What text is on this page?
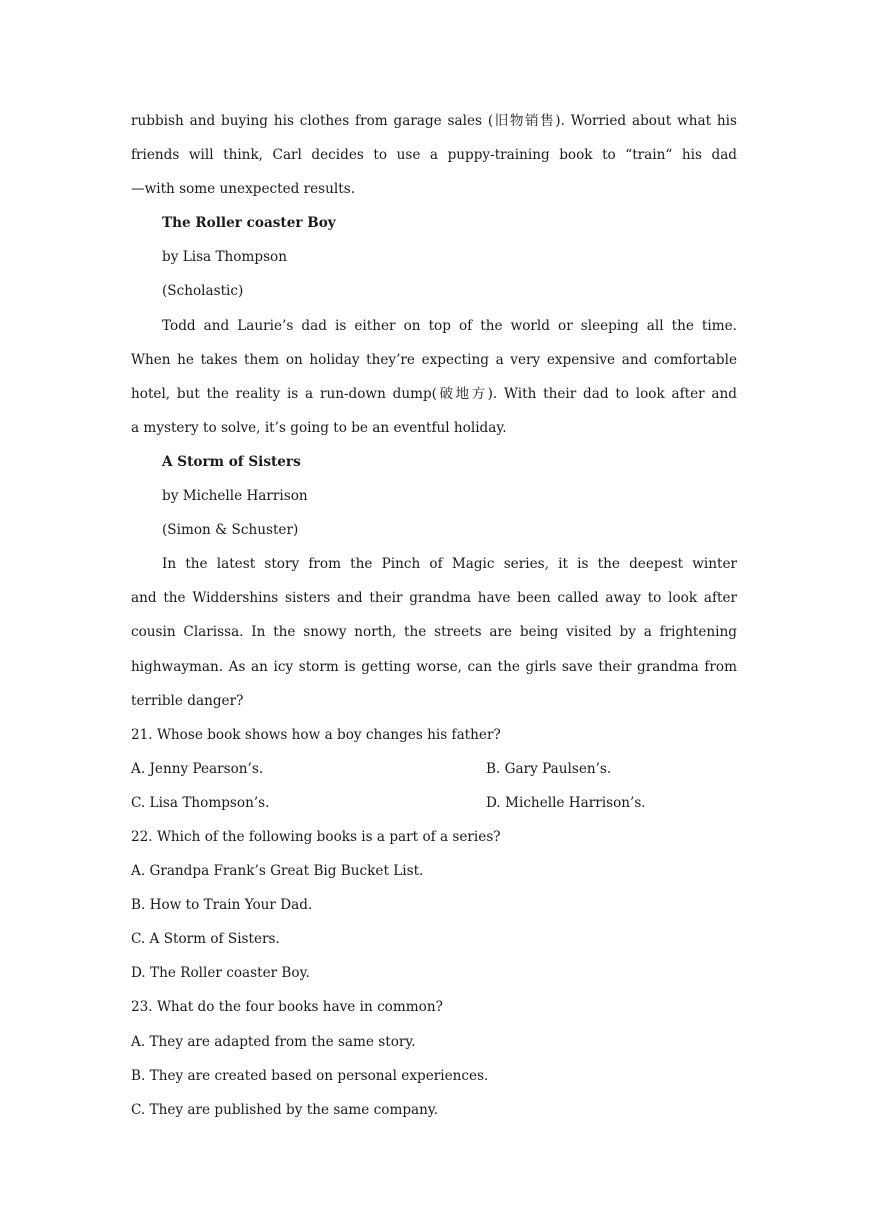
rubbish and buying his clothes from garage sales (旧物销售). Worried about what his
friends will think, Carl decides to use a puppy-training book to “train“ his dad
—with some unexpected results.
The Roller coaster Boy
by Lisa Thompson
(Scholastic)
Todd and Laurie’s dad is either on top of the world or sleeping all the time.
When he takes them on holiday they’re expecting a very expensive and comfortable
hotel, but the reality is a run-down dump(破地方). With their dad to look after and
a mystery to solve, it’s going to be an eventful holiday.
A Storm of Sisters
by Michelle Harrison
(Simon & Schuster)
In the latest story from the Pinch of Magic series, it is the deepest winter
and the Widdershins sisters and their grandma have been called away to look after
cousin Clarissa. In the snowy north, the streets are being visited by a frightening
highwayman. As an icy storm is getting worse, can the girls save their grandma from
terrible danger?
21. Whose book shows how a boy changes his father?
A. Jenny Pearson’s.	B. Gary Paulsen’s.
C. Lisa Thompson’s.	D. Michelle Harrison’s.
22. Which of the following books is a part of a series?
A. Grandpa Frank’s Great Big Bucket List.
B. How to Train Your Dad.
C. A Storm of Sisters.
D. The Roller coaster Boy.
23. What do the four books have in common?
A. They are adapted from the same story.
B. They are created based on personal experiences.
C. They are published by the same company.
